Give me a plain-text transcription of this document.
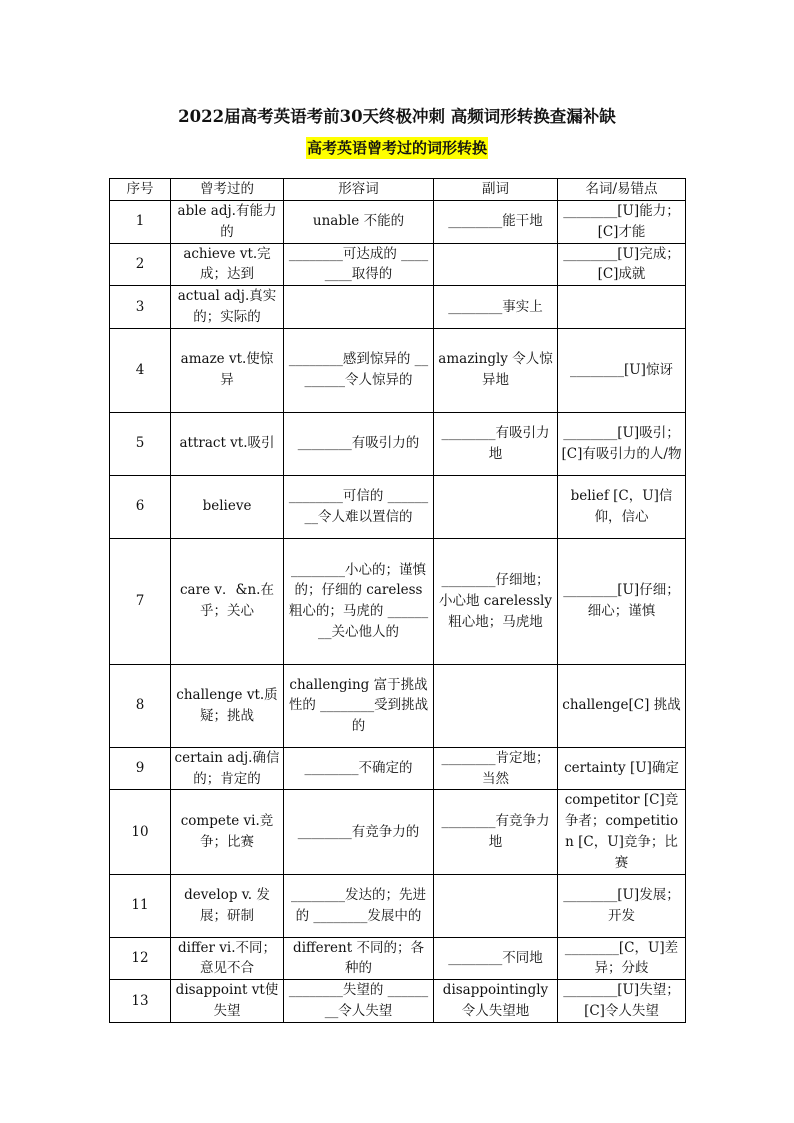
2022届高考英语考前30天终极冲刺 高频词形转换查漏补缺
高考英语曾考过的词形转换
序号	曾考过的	形容词	副词	名词/易错点
1	able adj.有能力的	unable 不能的	________能干地	________[U]能力；[C]才能
2	achieve vt.完成；达到	________可达成的 ________取得的		________[U]完成；[C]成就
3	actual adj.真实的；实际的		________事实上	
4	amaze vt.使惊异	________感到惊异的 ________令人惊异的	amazingly 令人惊异地	________[U]惊讶
5	attract vt.吸引	________有吸引力的	________有吸引力地	________[U]吸引；[C]有吸引力的人/物
6	believe	________可信的 ________令人难以置信的		belief [C，U]信仰，信心
7	care v．&n.在乎；关心	________小心的；谨慎的；仔细的 careless 粗心的；马虎的 ________关心他人的	________仔细地；小心地 carelessly 粗心地；马虎地	________[U]仔细；细心；谨慎
8	challenge vt.质疑；挑战	challenging 富于挑战性的 ________受到挑战的		challenge[C] 挑战
9	certain adj.确信的；肯定的	________不确定的	________肯定地；当然	certainty [U]确定
10	compete vi.竞争；比赛	________有竞争力的	________有竞争力地	competitor [C]竞争者；competition [C，U]竞争；比赛
11	develop v. 发展；研制	________发达的；先进的 ________发展中的		________[U]发展；开发
12	differ vi.不同；意见不合	different 不同的；各种的	________不同地	________[C，U]差异；分歧
13	disappoint vt使失望	________失望的 ________令人失望	disappointingly 令人失望地	________[U]失望；[C]令人失望
